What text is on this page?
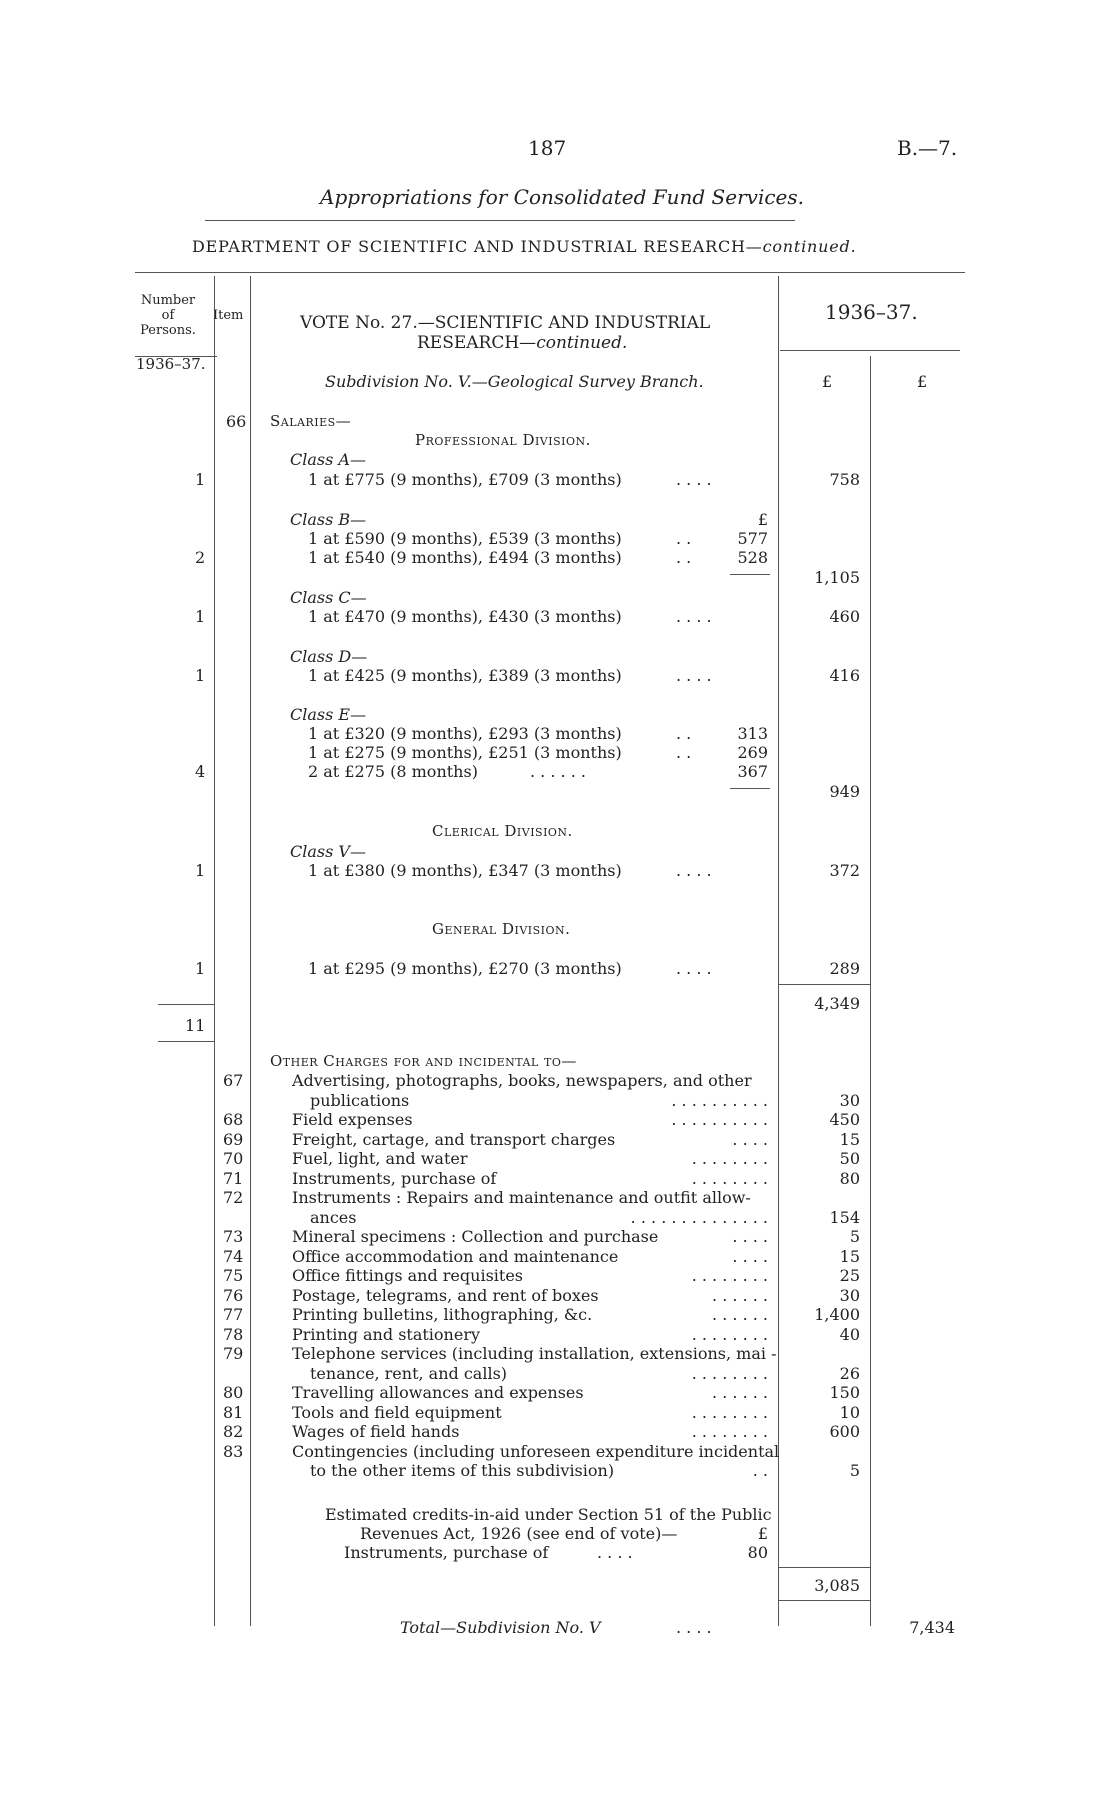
187	B.—7.
Appropriations for Consolidated Fund Services.
DEPARTMENT OF SCIENTIFIC AND INDUSTRIAL RESEARCH—continued.
Number
of
Persons.
Item	VOTE No. 27.—SCIENTIFIC AND INDUSTRIAL
RESEARCH—continued.
1936–37.
1936–37.
Subdivision No. V.—Geological Survey Branch.	£	£
66 Salaries—
Professional Division.
Class A—
1	1 at £775 (9 months), £709 (3 months)	. . . .	758
Class B—	£
1 at £590 (9 months), £539 (3 months)	. .	577
2	1 at £540 (9 months), £494 (3 months)	. .	528
1,105
Class C—
1	1 at £470 (9 months), £430 (3 months)	. . . .	460
Class D—
1	1 at £425 (9 months), £389 (3 months)	. . . .	416
Class E—
1 at £320 (9 months), £293 (3 months)	. .	313
1 at £275 (9 months), £251 (3 months)	. .	269
4	2 at £275 (8 months)	. . . . . .	367
949
Clerical Division.
Class V—
1	1 at £380 (9 months), £347 (3 months)	. . . .	372
General Division.
1	1 at £295 (9 months), £270 (3 months)	. . . .	289
4,349
11
Other Charges for and incidental to—
67	Advertising, photographs, books, newspapers, and other
publications	. . . . . . . . . .	30
68	Field expenses	. . . . . . . . . .	450
69	Freight, cartage, and transport charges	. . . .	15
70	Fuel, light, and water	. . . . . . . .	50
71	Instruments, purchase of	. . . . . . . .	80
72	Instruments : Repairs and maintenance and outfit allow-
ances	. . . . . . . . . . . . . .	154
73	Mineral specimens : Collection and purchase	. . . .	5
74	Office accommodation and maintenance	. . . .	15
75	Office fittings and requisites	. . . . . . . .	25
76	Postage, telegrams, and rent of boxes	. . . . . .	30
77	Printing bulletins, lithographing, &c.	. . . . . .	1,400
78	Printing and stationery	. . . . . . . .	40
79	Telephone services (including installation, extensions, mai -
tenance, rent, and calls)	. . . . . . . .	26
80	Travelling allowances and expenses	. . . . . .	150
81	Tools and field equipment	. . . . . . . .	10
82	Wages of field hands	. . . . . . . .	600
83	Contingencies (including unforeseen expenditure incidental
to the other items of this subdivision)	. .	5
Estimated credits-in-aid under Section 51 of the Public
Revenues Act, 1926 (see end of vote)—	£
Instruments, purchase of	. . . .	80
3,085
Total—Subdivision No. V	. . . .	7,434
